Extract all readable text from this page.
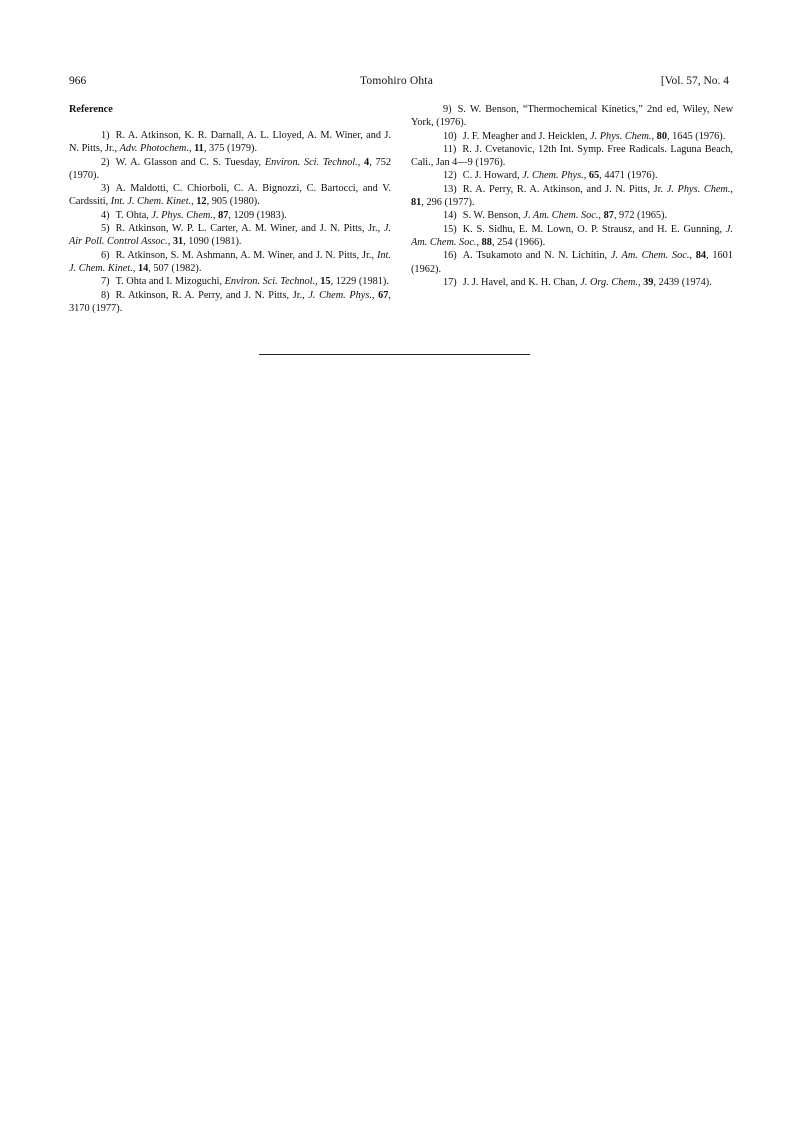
966	Tomohiro Ohta	[Vol. 57, No. 4
Reference

1) R. A. Atkinson, K. R. Darnall, A. L. Lloyed, A. M. Winer, and J. N. Pitts, Jr., Adv. Photochem., 11, 375 (1979).

2) W. A. Glasson and C. S. Tuesday, Environ. Sci. Technol., 4, 752 (1970).

3) A. Maldotti, C. Chiorboli, C. A. Bignozzi, C. Bartocci, and V. Cardssiti, Int. J. Chem. Kinet., 12, 905 (1980).

4) T. Ohta, J. Phys. Chem., 87, 1209 (1983).

5) R. Atkinson, W. P. L. Carter, A. M. Winer, and J. N. Pitts, Jr., J. Air Poll. Control Assoc., 31, 1090 (1981).

6) R. Atkinson, S. M. Ashmann, A. M. Winer, and J. N. Pitts, Jr., Int. J. Chem. Kinet., 14, 507 (1982).

7) T. Ohta and I. Mizoguchi, Environ. Sci. Technol., 15, 1229 (1981).

8) R. Atkinson, R. A. Perry, and J. N. Pitts, Jr., J. Chem. Phys., 67, 3170 (1977).

9) S. W. Benson, “Thermochemical Kinetics,” 2nd ed, Wiley, New York, (1976).

10) J. F. Meagher and J. Heicklen, J. Phys. Chem., 80, 1645 (1976).

11) R. J. Cvetanovic, 12th Int. Symp. Free Radicals. Laguna Beach, Cali., Jan 4—9 (1976).

12) C. J. Howard, J. Chem. Phys., 65, 4471 (1976).

13) R. A. Perry, R. A. Atkinson, and J. N. Pitts, Jr. J. Phys. Chem., 81, 296 (1977).

14) S. W. Benson, J. Am. Chem. Soc., 87, 972 (1965).

15) K. S. Sidhu, E. M. Lown, O. P. Strausz, and H. E. Gunning, J. Am. Chem. Soc., 88, 254 (1966).

16) A. Tsukamoto and N. N. Lichitin, J. Am. Chem. Soc., 84, 1601 (1962).

17) J. J. Havel, and K. H. Chan, J. Org. Chem., 39, 2439 (1974).
